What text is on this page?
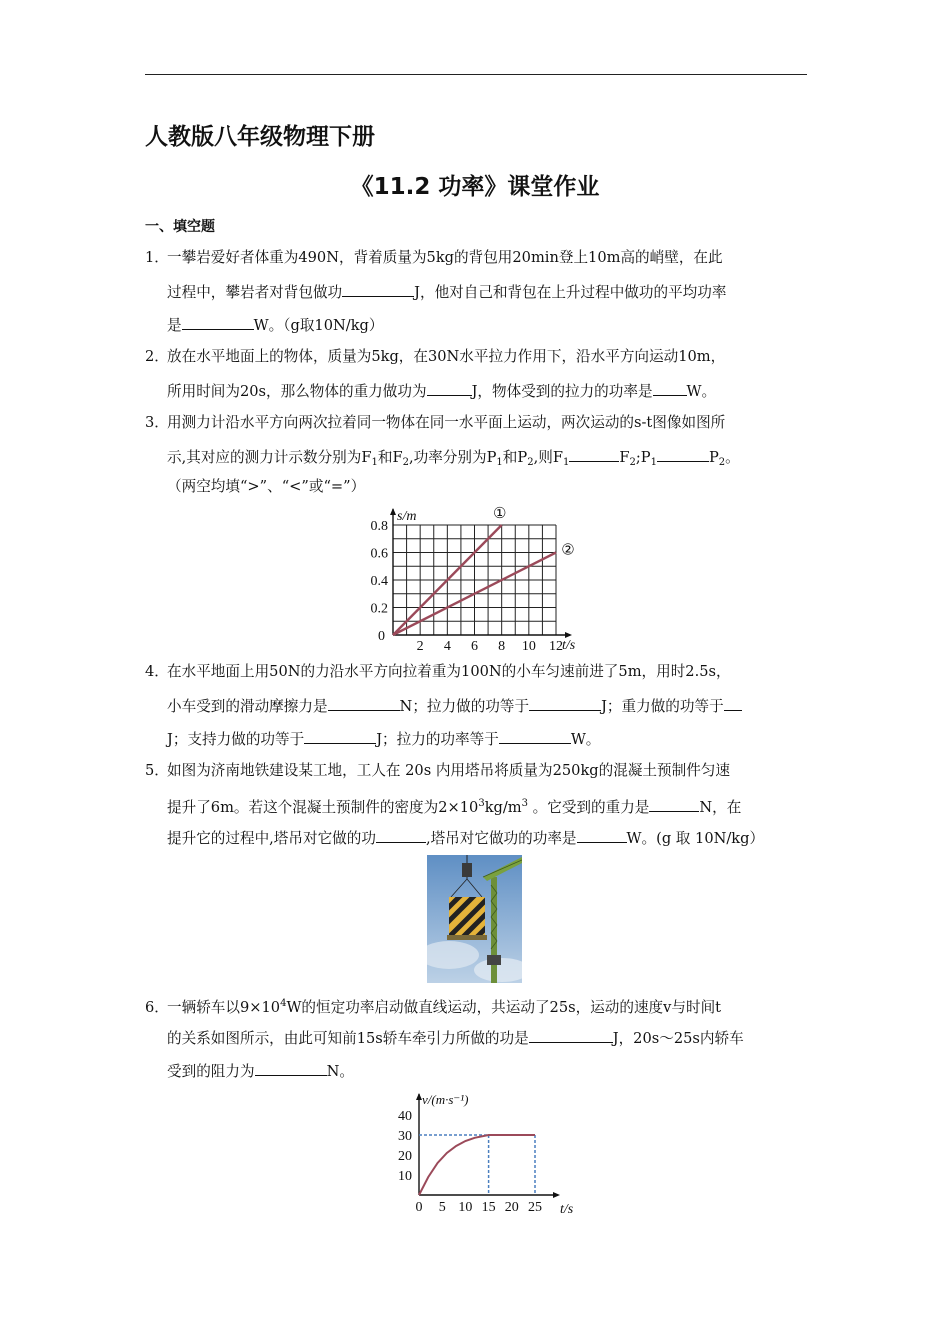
人教版八年级物理下册
《11.2 功率》课堂作业
一、填空题
1．一攀岩爱好者体重为490N，背着质量为5kg的背包用20min登上10m高的峭壁，在此
过程中，攀岩者对背包做功	J，他对自己和背包在上升过程中做功的平均功率
是	W。（g取10N/kg）
2．放在水平地面上的物体，质量为5kg，在30N水平拉力作用下，沿水平方向运动10m，
所用时间为20s，那么物体的重力做功为	J，物体受到的拉力的功率是 W。
3．用测力计沿水平方向两次拉着同一物体在同一水平面上运动，两次运动的s-t图像如图所
示,其对应的测力计示数分别为$F_1$和$F_2$,功率分别为$P_1$和$P_2$,则$F_1$	$F_2;P_1$	$P_2$。
（两空均填“>”、“<”或“=”）
①
②
0.8
0.6
0.4
0.2
2 4 6 8 10 12
0
s/m
t/s
4．在水平地面上用50N的力沿水平方向拉着重为100N的小车匀速前进了5m，用时2.5s，
小车受到的滑动摩擦力是	N；拉力做的功等于	J；重力做的功等于
J；支持力做的功等于	J；拉力的功率等于	W。
5．如图为济南地铁建设某工地，工人在 20s 内用塔吊将质量为250kg的混凝土预制件匀速
提升了6m。若这个混凝土预制件的密度为$2\times 10^3kg/m^3$ 。它受到的重力是	N，在
提升它的过程中,塔吊对它做的功	,塔吊对它做功的功率是	W。(g 取 10N/kg）
6．一辆轿车以$9\times 10^4W$的恒定功率启动做直线运动，共运动了25s，运动的速度v与时间t
的关系如图所示，由此可知前15s轿车牵引力所做的功是	J，20s～25s内轿车
受到的阻力为	N。
40
30
20
10
0 5 10 15 20 25
v/(m·s⁻¹)
t/s
